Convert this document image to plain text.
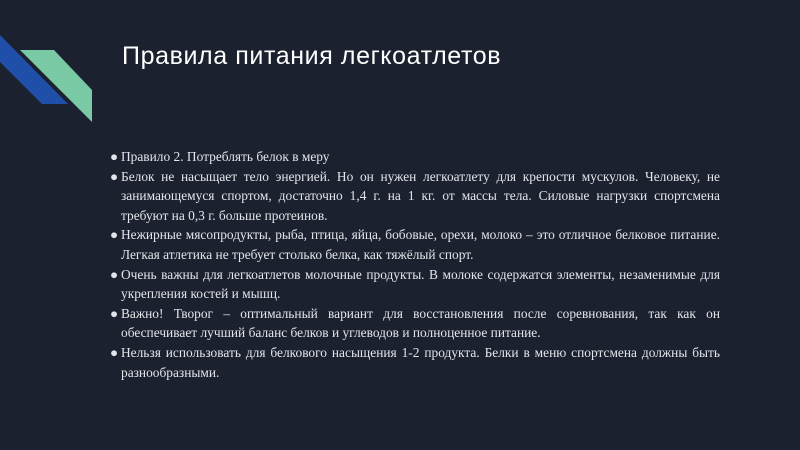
Правила питания легкоатлетов
● Правило 2. Потреблять белок в меру
● Белок не насыщает тело энергией. Но он нужен легкоатлету для крепости мускулов. Человеку, не занимающемуся спортом, достаточно 1,4 г. на 1 кг. от массы тела. Силовые нагрузки спортсмена требуют на 0,3 г. больше протеинов.
● Нежирные мясопродукты, рыба, птица, яйца, бобовые, орехи, молоко – это отличное белковое питание. Легкая атлетика не требует столько белка, как тяжёлый спорт.
● Очень важны для легкоатлетов молочные продукты. В молоке содержатся элементы, незаменимые для укрепления костей и мышц.
● Важно! Творог – оптимальный вариант для восстановления после соревнования, так как он обеспечивает лучший баланс белков и углеводов и полноценное питание.
● Нельзя использовать для белкового насыщения 1-2 продукта. Белки в меню спортсмена должны быть разнообразными.
